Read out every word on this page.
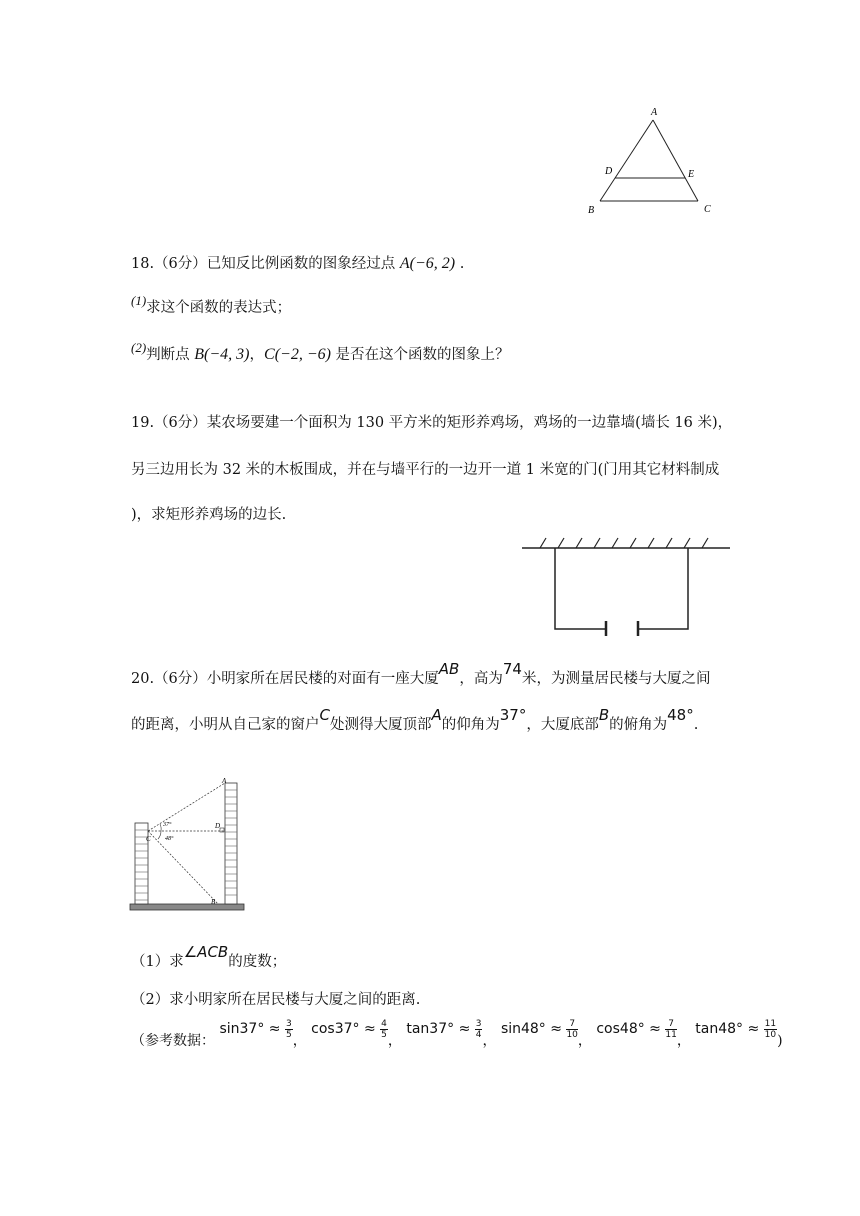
A
D	E
B	C
18.（6分）已知反比例函数的图象经过点 A(−6, 2) .
(1)求这个函数的表达式；
(2)判断点 B(−4, 3)，C(−2, −6) 是否在这个函数的图象上？
19.（6分）某农场要建一个面积为 130 平方米的矩形养鸡场，鸡场的一边靠墙(墙长 16 米)，
另三边用长为 32 米的木板围成，并在与墙平行的一边开一道 1 米宽的门(门用其它材料制成
)，求矩形养鸡场的边长.
20.（6分）小明家所在居民楼的对面有一座大厦AB，高为74米，为测量居民楼与大厦之间
的距离，小明从自己家的窗户C处测得大厦顶部A的仰角为37°，大厦底部B的俯角为48°.
A
D
C
B
37°
48°
（1）求∠ACB的度数；
（2）求小明家所在居民楼与大厦之间的距离.
（参考数据： $\sin 37^\circ \approx \frac{3}{5}$
， $\cos 37^\circ \approx \frac{4}{5}$
， $\tan 37^\circ \approx \frac{3}{4}$
， $\sin 48^\circ \approx \frac{7}{10}$
， $\cos 48^\circ \approx \frac{7}{11}$
， $\tan 48^\circ \approx \frac{11}{10}$
)
